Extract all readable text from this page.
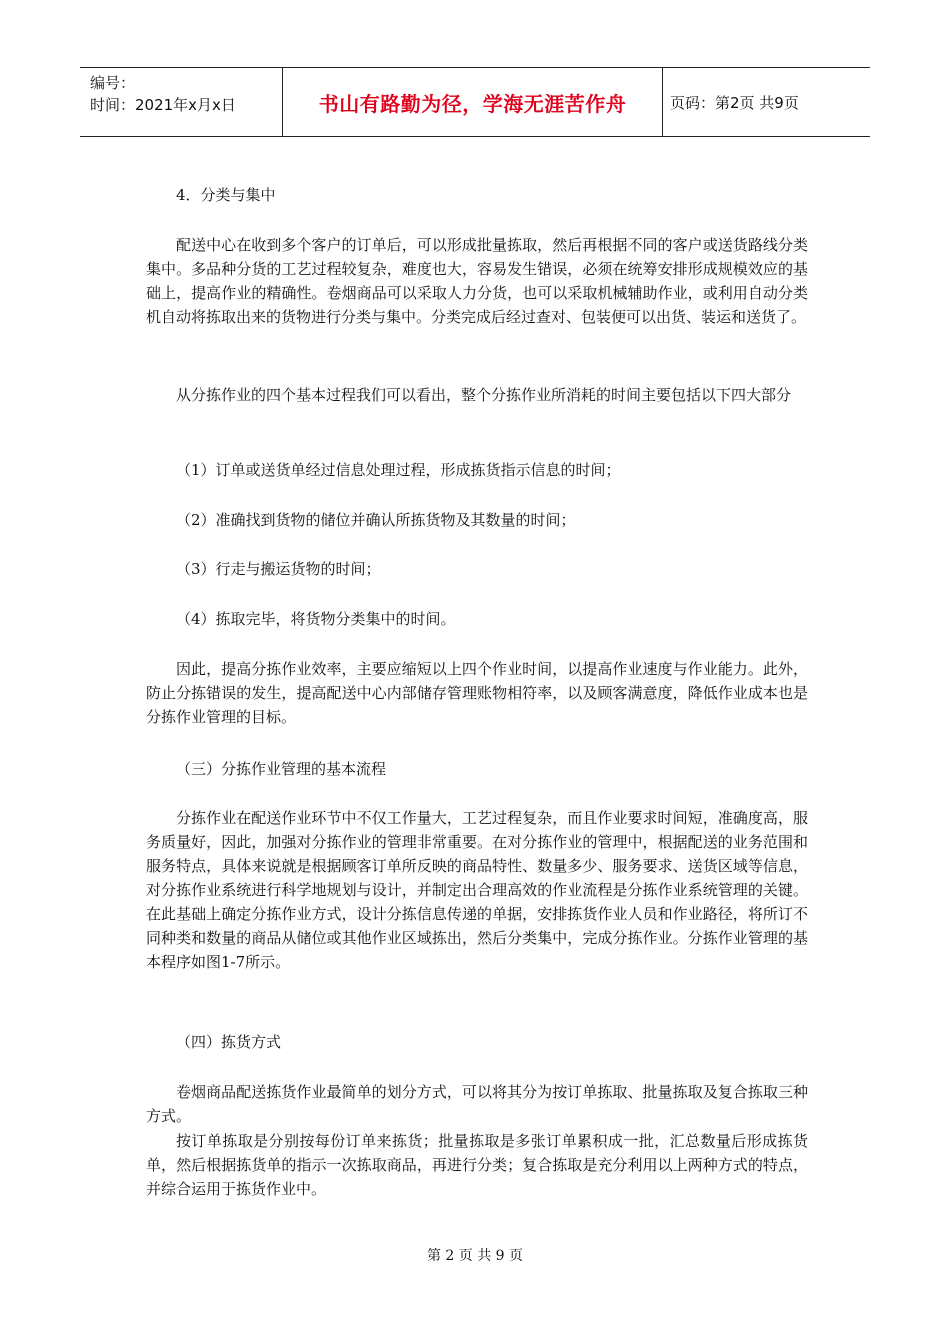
编号：
时间：2021年x月x日	书山有路勤为径，学海无涯苦作舟	页码：第2页 共9页

4．分类与集中

配送中心在收到多个客户的订单后，可以形成批量拣取，然后再根据不同的客户或送货路线分类集中。多品种分货的工艺过程较复杂，难度也大，容易发生错误，必须在统筹安排形成规模效应的基础上，提高作业的精确性。卷烟商品可以采取人力分货，也可以采取机械辅助作业，或利用自动分类机自动将拣取出来的货物进行分类与集中。分类完成后经过查对、包装便可以出货、装运和送货了。

从分拣作业的四个基本过程我们可以看出，整个分拣作业所消耗的时间主要包括以下四大部分

（1）订单或送货单经过信息处理过程，形成拣货指示信息的时间；

（2）准确找到货物的储位并确认所拣货物及其数量的时间；

（3）行走与搬运货物的时间；

（4）拣取完毕，将货物分类集中的时间。

因此，提高分拣作业效率，主要应缩短以上四个作业时间，以提高作业速度与作业能力。此外，防止分拣错误的发生，提高配送中心内部储存管理账物相符率，以及顾客满意度，降低作业成本也是分拣作业管理的目标。

（三）分拣作业管理的基本流程

分拣作业在配送作业环节中不仅工作量大，工艺过程复杂，而且作业要求时间短，准确度高，服务质量好，因此，加强对分拣作业的管理非常重要。在对分拣作业的管理中，根据配送的业务范围和服务特点，具体来说就是根据顾客订单所反映的商品特性、数量多少、服务要求、送货区域等信息，对分拣作业系统进行科学地规划与设计，并制定出合理高效的作业流程是分拣作业系统管理的关键。在此基础上确定分拣作业方式，设计分拣信息传递的单据，安排拣货作业人员和作业路径，将所订不同种类和数量的商品从储位或其他作业区域拣出，然后分类集中，完成分拣作业。分拣作业管理的基本程序如图1-7所示。

（四）拣货方式

卷烟商品配送拣货作业最简单的划分方式，可以将其分为按订单拣取、批量拣取及复合拣取三种方式。

按订单拣取是分别按每份订单来拣货；批量拣取是多张订单累积成一批，汇总数量后形成拣货单，然后根据拣货单的指示一次拣取商品，再进行分类；复合拣取是充分利用以上两种方式的特点，并综合运用于拣货作业中。

第 2 页 共 9 页
